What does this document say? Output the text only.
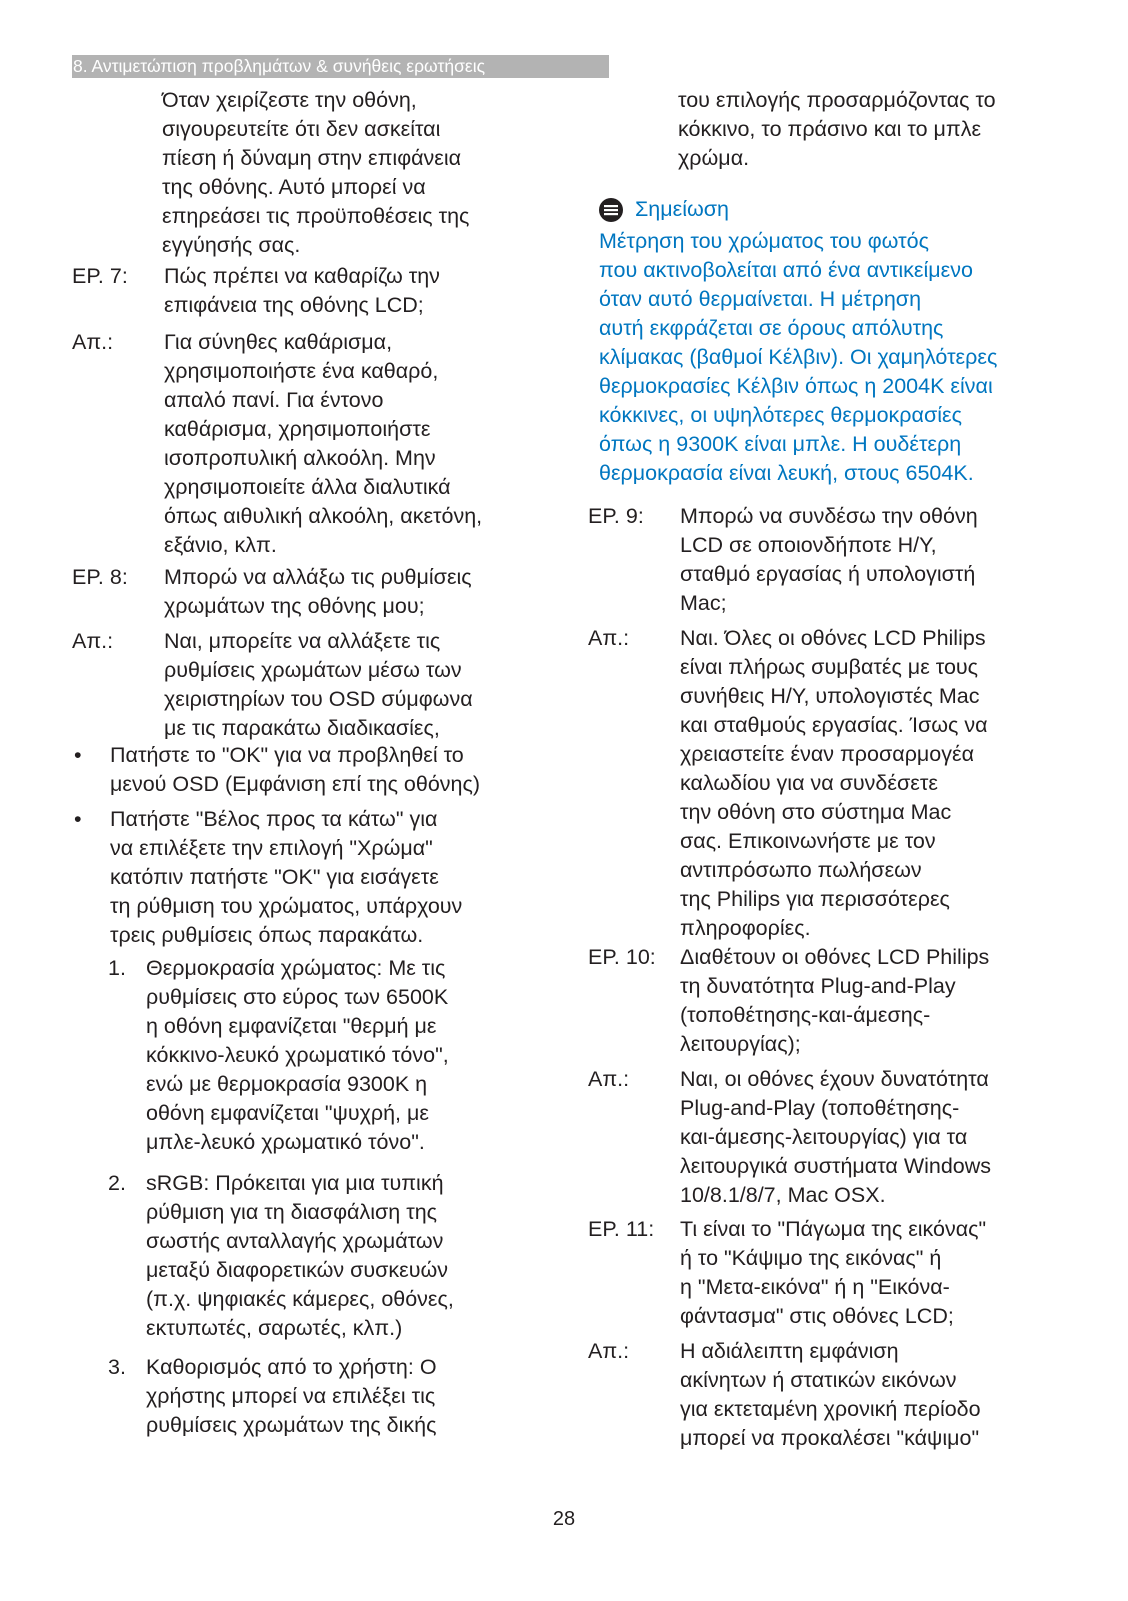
8. Αντιμετώπιση προβλημάτων & συνήθεις ερωτήσεις
Όταν χειρίζεστε την οθόνη,
σιγουρευτείτε ότι δεν ασκείται
πίεση ή δύναμη στην επιφάνεια
της οθόνης. Αυτό μπορεί να
επηρεάσει τις προϋποθέσεις της
εγγύησής σας.
ΕΡ. 7:	Πώς πρέπει να καθαρίζω την
επιφάνεια της οθόνης LCD;
Απ.:	Για σύνηθες καθάρισμα,
χρησιμοποιήστε ένα καθαρό,
απαλό πανί. Για έντονο
καθάρισμα, χρησιμοποιήστε
ισοπροπυλική αλκοόλη. Μην
χρησιμοποιείτε άλλα διαλυτικά
όπως αιθυλική αλκοόλη, ακετόνη,
εξάνιο, κλπ.
ΕΡ. 8:	Μπορώ να αλλάξω τις ρυθμίσεις
χρωμάτων της οθόνης μου;
Απ.:	Ναι, μπορείτε να αλλάξετε τις
ρυθμίσεις χρωμάτων μέσω των
χειριστηρίων του OSD σύμφωνα
με τις παρακάτω διαδικασίες,
•	Πατήστε το "OK" για να προβληθεί το
μενού OSD (Εμφάνιση επί της οθόνης)
•	Πατήστε "Βέλος προς τα κάτω" για
να επιλέξετε την επιλογή "Χρώμα"
κατόπιν πατήστε "OK" για εισάγετε
τη ρύθμιση του χρώματος, υπάρχουν
τρεις ρυθμίσεις όπως παρακάτω.
1. Θερμοκρασία χρώματος: Με τις
ρυθμίσεις στο εύρος των 6500K
η οθόνη εμφανίζεται "θερμή με
κόκκινο-λευκό χρωματικό τόνο",
ενώ με θερμοκρασία 9300K η
οθόνη εμφανίζεται "ψυχρή, με
μπλε-λευκό χρωματικό τόνο".
2. sRGB: Πρόκειται για μια τυπική
ρύθμιση για τη διασφάλιση της
σωστής ανταλλαγής χρωμάτων
μεταξύ διαφορετικών συσκευών
(π.χ. ψηφιακές κάμερες, οθόνες,
εκτυπωτές, σαρωτές, κλπ.)
3. Καθορισμός από το χρήστη: Ο
χρήστης μπορεί να επιλέξει τις
ρυθμίσεις χρωμάτων της δικής
του επιλογής προσαρμόζοντας το
κόκκινο, το πράσινο και το μπλε
χρώμα.
Σημείωση
Μέτρηση του χρώματος του φωτός
που ακτινοβολείται από ένα αντικείμενο
όταν αυτό θερμαίνεται. Η μέτρηση
αυτή εκφράζεται σε όρους απόλυτης
κλίμακας (βαθμοί Κέλβιν). Οι χαμηλότερες
θερμοκρασίες Κέλβιν όπως η 2004K είναι
κόκκινες, οι υψηλότερες θερμοκρασίες
όπως η 9300K είναι μπλε. Η ουδέτερη
θερμοκρασία είναι λευκή, στους 6504K.
ΕΡ. 9:	Μπορώ να συνδέσω την οθόνη
LCD σε οποιονδήποτε Η/Υ,
σταθμό εργασίας ή υπολογιστή
Mac;
Απ.:	Ναι. Όλες οι οθόνες LCD Philips
είναι πλήρως συμβατές με τους
συνήθεις Η/Υ, υπολογιστές Mac
και σταθμούς εργασίας. Ίσως να
χρειαστείτε έναν προσαρμογέα
καλωδίου για να συνδέσετε
την οθόνη στο σύστημα Mac
σας. Επικοινωνήστε με τον
αντιπρόσωπο πωλήσεων
της Philips για περισσότερες
πληροφορίες.
ΕΡ. 10:	Διαθέτουν οι οθόνες LCD Philips
τη δυνατότητα Plug-and-Play
(τοποθέτησης-και-άμεσης-
λειτουργίας);
Απ.:	Ναι, οι οθόνες έχουν δυνατότητα
Plug-and-Play (τοποθέτησης-
και-άμεσης-λειτουργίας) για τα
λειτουργικά συστήματα Windows
10/8.1/8/7, Mac OSX.
ΕΡ. 11:	Τι είναι το "Πάγωμα της εικόνας"
ή το "Κάψιμο της εικόνας" ή
η "Μετα-εικόνα" ή η "Εικόνα-
φάντασμα" στις οθόνες LCD;
Απ.:	Η αδιάλειπτη εμφάνιση
ακίνητων ή στατικών εικόνων
για εκτεταμένη χρονική περίοδο
μπορεί να προκαλέσει "κάψιμο"
28
